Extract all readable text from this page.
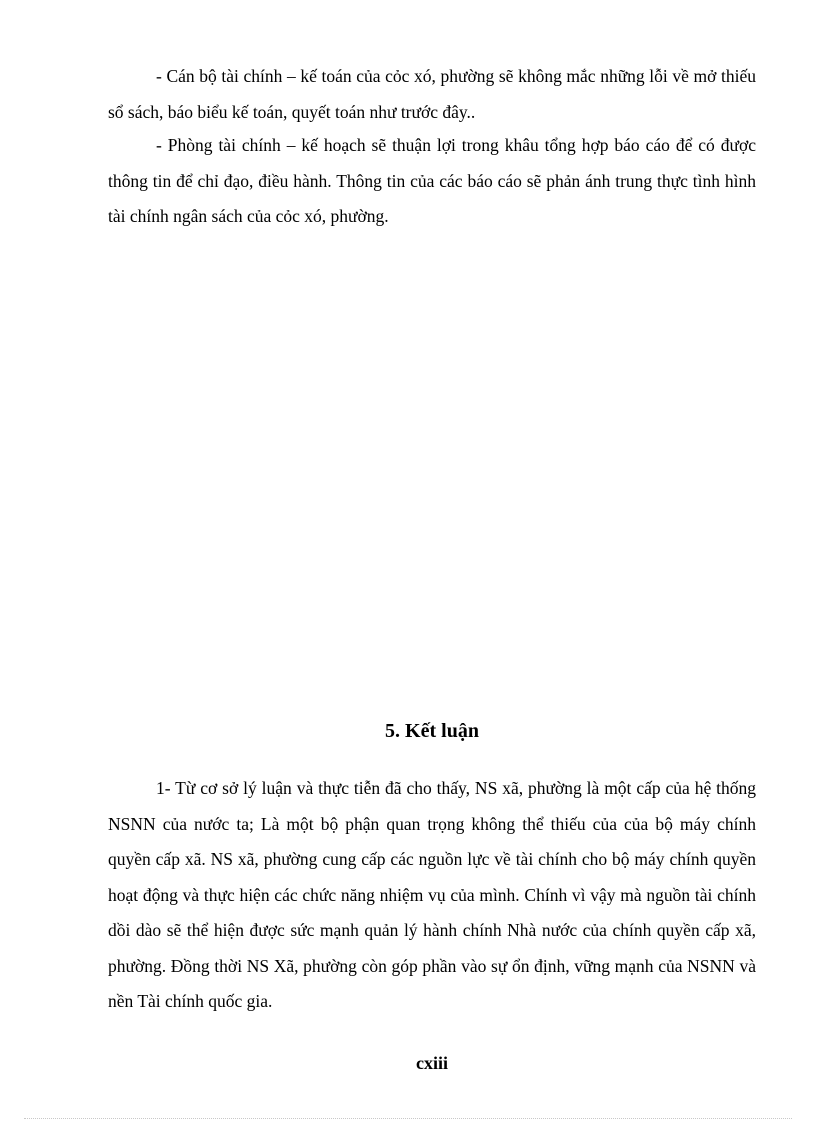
- Cán bộ tài chính – kế toán của cỏc xó, phường sẽ không mắc những lỗi về mở thiếu sổ sách, báo biểu kế toán, quyết toán như trước đây..

- Phòng tài chính – kế hoạch sẽ thuận lợi trong khâu tổng hợp báo cáo để có được thông tin để chỉ đạo, điều hành. Thông tin của các báo cáo sẽ phản ánh trung thực tình hình tài chính ngân sách của cỏc xó, phường.

5. Kết luận

1- Từ cơ sở lý luận và thực tiễn đã cho thấy, NS xã, phường là một cấp của hệ thống NSNN của nước ta; Là một bộ phận quan trọng không thể thiếu của của bộ máy chính quyền cấp xã. NS xã, phường cung cấp các nguồn lực về tài chính cho bộ máy chính quyền hoạt động và thực hiện các chức năng nhiệm vụ của mình. Chính vì vậy mà nguồn tài chính dồi dào sẽ thể hiện được sức mạnh quản lý hành chính Nhà nước của chính quyền cấp xã, phường. Đồng thời NS Xã, phường còn góp phần vào sự ổn định, vững mạnh của NSNN và nền Tài chính quốc gia.

cxiii
